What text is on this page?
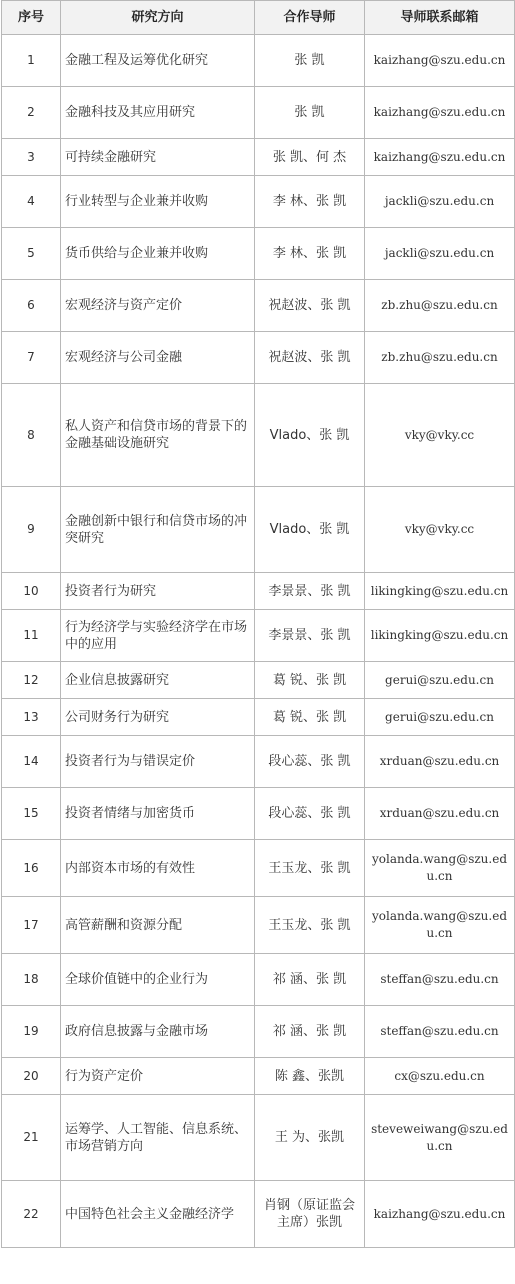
序号	研究方向	合作导师	导师联系邮箱
1	金融工程及运筹优化研究	张 凯	kaizhang@szu.edu.cn
2	金融科技及其应用研究	张 凯	kaizhang@szu.edu.cn
3	可持续金融研究	张 凯、何 杰	kaizhang@szu.edu.cn
4	行业转型与企业兼并收购	李 林、张 凯	jackli@szu.edu.cn
5	货币供给与企业兼并收购	李 林、张 凯	jackli@szu.edu.cn
6	宏观经济与资产定价	祝赵波、张 凯	zb.zhu@szu.edu.cn
7	宏观经济与公司金融	祝赵波、张 凯	zb.zhu@szu.edu.cn
8	私人资产和信贷市场的背景下的金融基础设施研究	Vlado、张 凯	vky@vky.cc
9	金融创新中银行和信贷市场的冲突研究	Vlado、张 凯	vky@vky.cc
10	投资者行为研究	李景景、张 凯	likingking@szu.edu.cn
11	行为经济学与实验经济学在市场中的应用	李景景、张 凯	likingking@szu.edu.cn
12	企业信息披露研究	葛 锐、张 凯	gerui@szu.edu.cn
13	公司财务行为研究	葛 锐、张 凯	gerui@szu.edu.cn
14	投资者行为与错误定价	段心蕊、张 凯	xrduan@szu.edu.cn
15	投资者情绪与加密货币	段心蕊、张 凯	xrduan@szu.edu.cn
16	内部资本市场的有效性	王玉龙、张 凯	yolanda.wang@szu.edu.cn
17	高管薪酬和资源分配	王玉龙、张 凯	yolanda.wang@szu.edu.cn
18	全球价值链中的企业行为	祁 涵、张 凯	steffan@szu.edu.cn
19	政府信息披露与金融市场	祁 涵、张 凯	steffan@szu.edu.cn
20	行为资产定价	陈 鑫、张凯	cx@szu.edu.cn
21	运筹学、人工智能、信息系统、市场营销方向	王 为、张凯	steveweiwang@szu.edu.cn
22	中国特色社会主义金融经济学	肖钢（原证监会主席）张凯	kaizhang@szu.edu.cn
